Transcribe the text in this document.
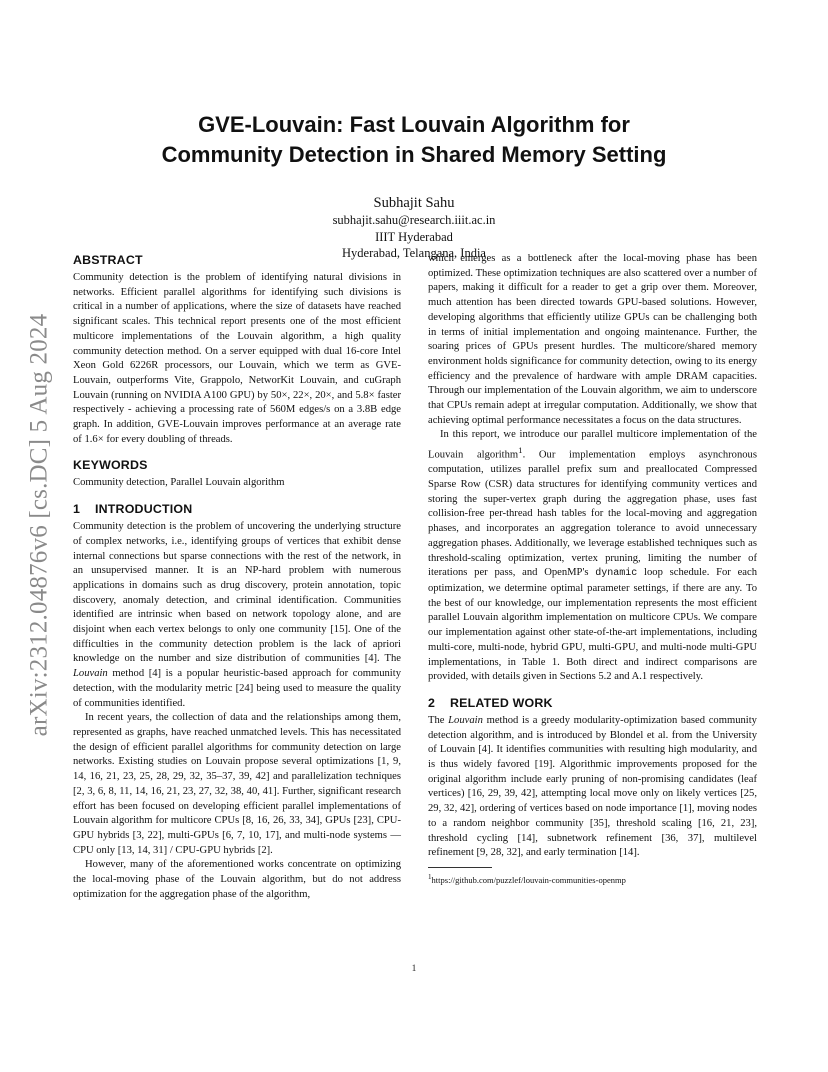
arXiv:2312.04876v6 [cs.DC] 5 Aug 2024
GVE-Louvain: Fast Louvain Algorithm for
Community Detection in Shared Memory Setting
Subhajit Sahu
subhajit.sahu@research.iiit.ac.in
IIIT Hyderabad
Hyderabad, Telangana, India
ABSTRACT

Community detection is the problem of identifying natural divisions in networks. Efficient parallel algorithms for identifying such divisions is critical in a number of applications, where the size of datasets have reached significant scales. This technical report presents one of the most efficient multicore implementations of the Louvain algorithm, a high quality community detection method. On a server equipped with dual 16-core Intel Xeon Gold 6226R processors, our Louvain, which we term as GVE-Louvain, outperforms Vite, Grappolo, NetworKit Louvain, and cuGraph Louvain (running on NVIDIA A100 GPU) by 50×, 22×, 20×, and 5.8× faster respectively - achieving a processing rate of 560M edges/s on a 3.8B edge graph. In addition, GVE-Louvain improves performance at an average rate of 1.6× for every doubling of threads.

KEYWORDS

Community detection, Parallel Louvain algorithm

1 INTRODUCTION

Community detection is the problem of uncovering the underlying structure of complex networks, i.e., identifying groups of vertices that exhibit dense internal connections but sparse connections with the rest of the network, in an unsupervised manner. It is an NP-hard problem with numerous applications in domains such as drug discovery, protein annotation, topic discovery, anomaly detection, and criminal identification. Communities identified are intrinsic when based on network topology alone, and are disjoint when each vertex belongs to only one community [15]. One of the difficulties in the community detection problem is the lack of apriori knowledge on the number and size distribution of communities [4]. The Louvain method [4] is a popular heuristic-based approach for community detection, with the modularity metric [24] being used to measure the quality of communities identified.

In recent years, the collection of data and the relationships among them, represented as graphs, have reached unmatched levels. This has necessitated the design of efficient parallel algorithms for community detection on large networks. Existing studies on Louvain propose several optimizations [1, 9, 14, 16, 21, 23, 25, 28, 29, 32, 35–37, 39, 42] and parallelization techniques [2, 3, 6, 8, 11, 14, 16, 21, 23, 27, 32, 38, 40, 41]. Further, significant research effort has been focused on developing efficient parallel implementations of Louvain algorithm for multicore CPUs [8, 16, 26, 33, 34], GPUs [23], CPU-GPU hybrids [3, 22], multi-GPUs [6, 7, 10, 17], and multi-node systems — CPU only [13, 14, 31] / CPU-GPU hybrids [2].

However, many of the aforementioned works concentrate on optimizing the local-moving phase of the Louvain algorithm, but do not address optimization for the aggregation phase of the algorithm,

which emerges as a bottleneck after the local-moving phase has been optimized. These optimization techniques are also scattered over a number of papers, making it difficult for a reader to get a grip over them. Moreover, much attention has been directed towards GPU-based solutions. However, developing algorithms that efficiently utilize GPUs can be challenging both in terms of initial implementation and ongoing maintenance. Further, the soaring prices of GPUs present hurdles. The multicore/shared memory environment holds significance for community detection, owing to its energy efficiency and the prevalence of hardware with ample DRAM capacities. Through our implementation of the Louvain algorithm, we aim to underscore that CPUs remain adept at irregular computation. Additionally, we show that achieving optimal performance necessitates a focus on the data structures.

In this report, we introduce our parallel multicore implementation of the Louvain algorithm$^1$. Our implementation employs asynchronous computation, utilizes parallel prefix sum and preallocated Compressed Sparse Row (CSR) data structures for identifying community vertices and storing the super-vertex graph during the aggregation phase, uses fast collision-free per-thread hash tables for the local-moving and aggregation phases, and incorporates an aggregation tolerance to avoid unnecessary aggregation phases. Additionally, we leverage established techniques such as threshold-scaling optimization, vertex pruning, limiting the number of iterations per pass, and OpenMP's dynamic loop schedule. For each optimization, we determine optimal parameter settings, if there are any. To the best of our knowledge, our implementation represents the most efficient parallel Louvain algorithm implementation on multicore CPUs. We compare our implementation against other state-of-the-art implementations, including multi-core, multi-node, hybrid GPU, multi-GPU, and multi-node multi-GPU implementations, in Table 1. Both direct and indirect comparisons are provided, with details given in Sections 5.2 and A.1 respectively.

2 RELATED WORK

The Louvain method is a greedy modularity-optimization based community detection algorithm, and is introduced by Blondel et al. from the University of Louvain [4]. It identifies communities with resulting high modularity, and is thus widely favored [19]. Algorithmic improvements proposed for the original algorithm include early pruning of non-promising candidates (leaf vertices) [16, 29, 39, 42], attempting local move only on likely vertices [25, 29, 32, 42], ordering of vertices based on node importance [1], moving nodes to a random neighbor community [35], threshold scaling [16, 21, 23], threshold cycling [14], subnetwork refinement [36, 37], multilevel refinement [9, 28, 32], and early termination [14].

$^1$https://github.com/puzzlef/louvain-communities-openmp
1
